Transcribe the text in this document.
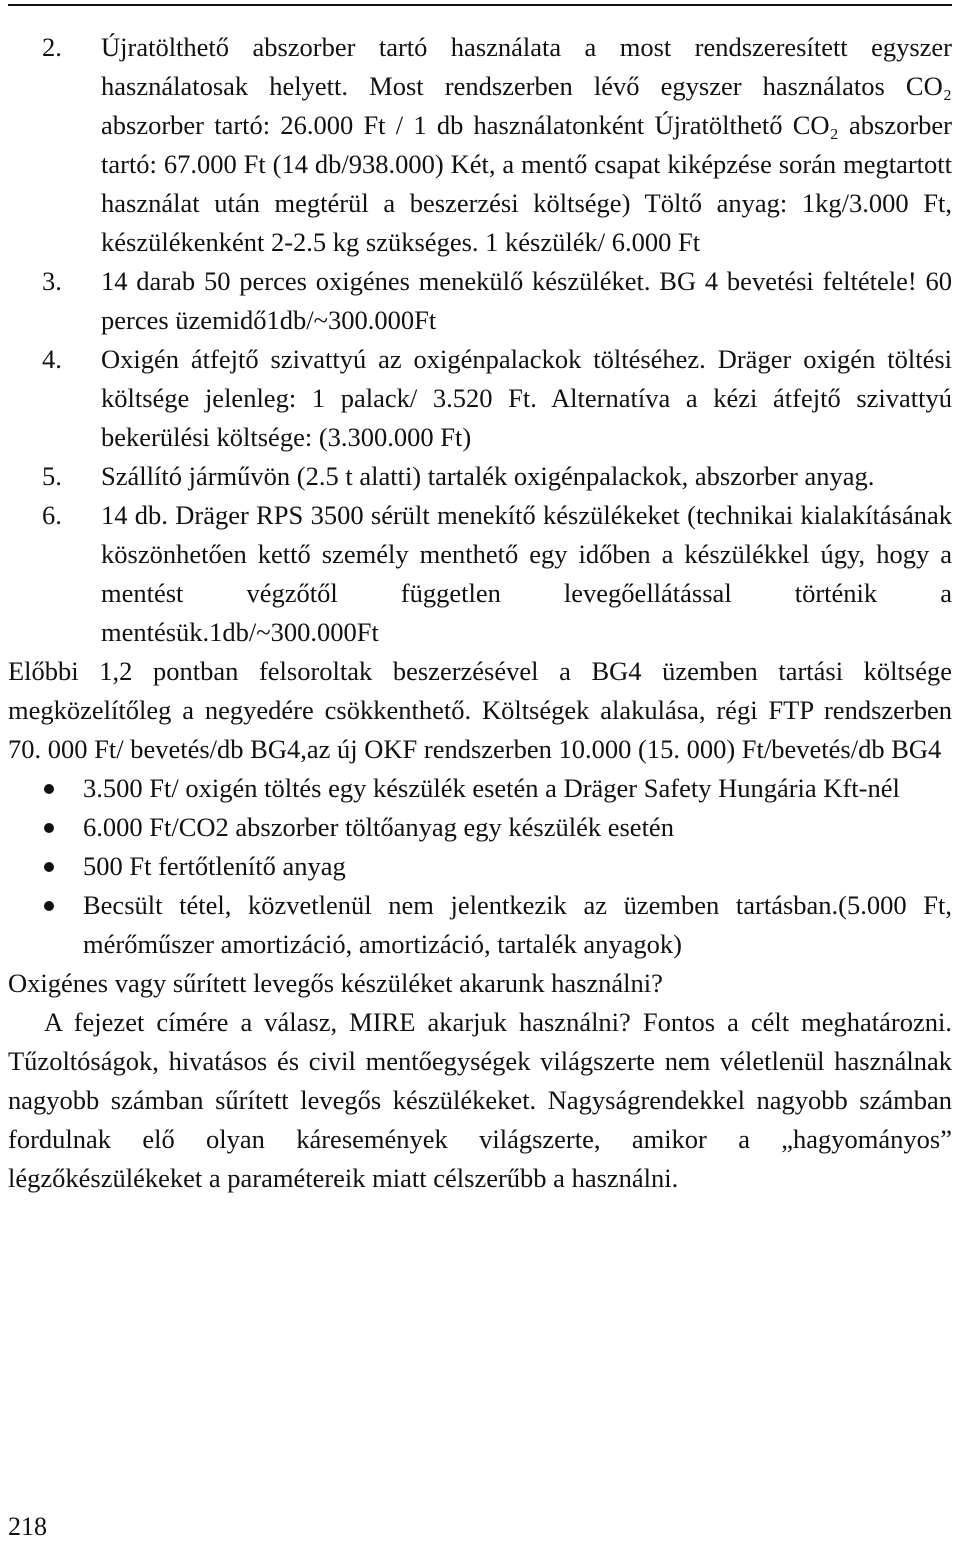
2. Újratölthető abszorber tartó használata a most rendszeresített egyszer használatosak helyett. Most rendszerben lévő egyszer használatos CO₂ abszorber tartó: 26.000 Ft / 1 db használatonként Újratölthető CO₂ abszorber tartó: 67.000 Ft (14 db/938.000) Két, a mentő csapat kiképzése során megtartott használat után megtérül a beszerzési költsége) Töltő anyag: 1kg/3.000 Ft, készülékenként 2-2.5 kg szükséges. 1 készülék/ 6.000 Ft
3. 14 darab 50 perces oxigénes menekülő készüléket. BG 4 bevetési feltétele! 60 perces üzemidő1db/~300.000Ft
4. Oxigén átfejtő szivattyú az oxigénpalackok töltéséhez. Dräger oxigén töltési költsége jelenleg: 1 palack/ 3.520 Ft. Alternatíva a kézi átfejtő szivattyú bekerülési költsége: (3.300.000 Ft)
5. Szállító járművön (2.5 t alatti) tartalék oxigénpalackok, abszorber anyag.
6. 14 db. Dräger RPS 3500 sérült menekítő készülékeket (technikai kialakításának köszönhetően kettő személy menthető egy időben a készülékkel úgy, hogy a mentést végzőtől független levegőellátással történik a mentésük.1db/~300.000Ft

Előbbi 1,2 pontban felsoroltak beszerzésével a BG4 üzemben tartási költsége megközelítőleg a negyedére csökkenthető. Költségek alakulása, régi FTP rendszerben 70. 000 Ft/ bevetés/db BG4,az új OKF rendszerben 10.000 (15. 000) Ft/bevetés/db BG4

3.500 Ft/ oxigén töltés egy készülék esetén a Dräger Safety Hungária Kft-nél
6.000 Ft/CO2 abszorber töltőanyag egy készülék esetén
500 Ft fertőtlenítő anyag
Becsült tétel, közvetlenül nem jelentkezik az üzemben tartásban.(5.000 Ft, mérőműszer amortizáció, amortizáció, tartalék anyagok)

Oxigénes vagy sűrített levegős készüléket akarunk használni?

A fejezet címére a válasz, MIRE akarjuk használni? Fontos a célt meghatározni. Tűzoltóságok, hivatásos és civil mentőegységek világszerte nem véletlenül használnak nagyobb számban sűrített levegős készülékeket. Nagyságrendekkel nagyobb számban fordulnak elő olyan káresemények világszerte, amikor a „hagyományos” légzőkészülékeket a paramétereik miatt célszerűbb a használni.

218
